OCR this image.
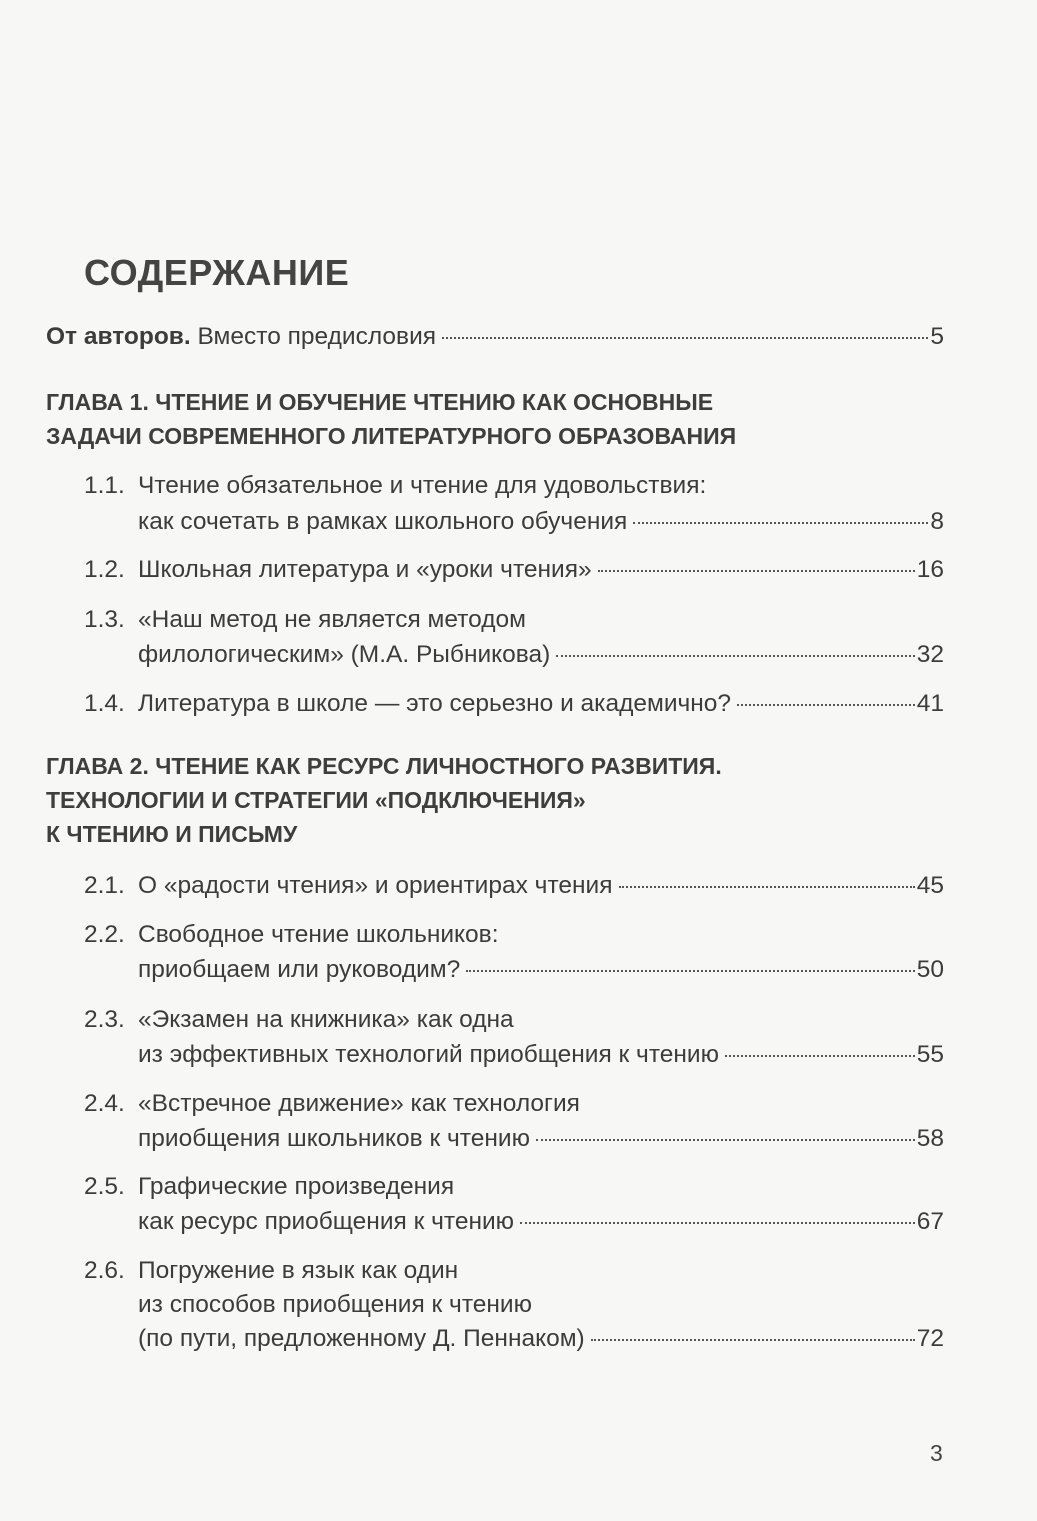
СОДЕРЖАНИЕ
От авторов. Вместо предисловия	5
ГЛАВА 1. ЧТЕНИЕ И ОБУЧЕНИЕ ЧТЕНИЮ КАК ОСНОВНЫЕ
ЗАДАЧИ СОВРЕМЕННОГО ЛИТЕРАТУРНОГО ОБРАЗОВАНИЯ
1.1. Чтение обязательное и чтение для удовольствия:
как сочетать в рамках школьного обучения	8
1.2. Школьная литература и «уроки чтения»	16
1.3. «Наш метод не является методом
филологическим» (М.А. Рыбникова)	32
1.4. Литература в школе — это серьезно и академично?	41
ГЛАВА 2. ЧТЕНИЕ КАК РЕСУРС ЛИЧНОСТНОГО РАЗВИТИЯ.
ТЕХНОЛОГИИ И СТРАТЕГИИ «ПОДКЛЮЧЕНИЯ»
К ЧТЕНИЮ И ПИСЬМУ
2.1. О «радости чтения» и ориентирах чтения	45
2.2. Свободное чтение школьников:
приобщаем или руководим?	50
2.3. «Экзамен на книжника» как одна
из эффективных технологий приобщения к чтению	55
2.4. «Встречное движение» как технология
приобщения школьников к чтению	58
2.5. Графические произведения
как ресурс приобщения к чтению	67
2.6. Погружение в язык как один
из способов приобщения к чтению
(по пути, предложенному Д. Пеннаком)	72
3
